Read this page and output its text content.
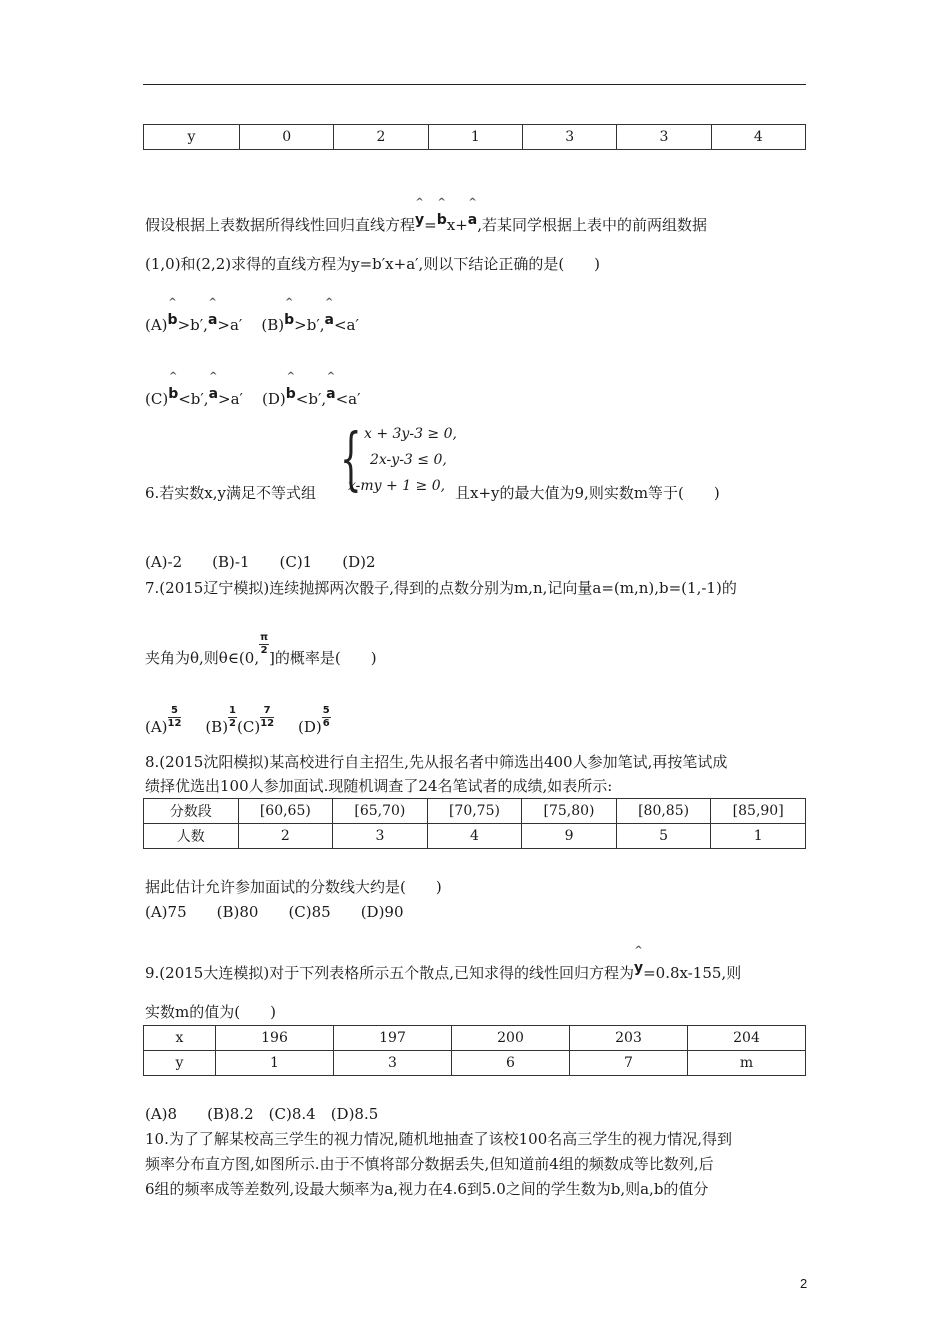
y	0	2	1	3	3	4
假设根据上表数据所得线性回归直线方程^ y=^ bx+^ a,若某同学根据上表中的前两组数据
(1,0)和(2,2)求得的直线方程为y=b′x+a′,则以下结论正确的是(　　)
(A)^ b>b′,^ a>a′ (B)^ b>b′,^ a<a′
(C)^ b<b′,^ a>a′ (D)^ b<b′,^ a<a′
{ x + 3y-3 ≥ 0,
2x-y-3 ≤ 0,
x-my + 1 ≥ 0,
6.若实数x,y满足不等式组	且x+y的最大值为9,则实数m等于(　　)
(A)-2　　(B)-1　　(C)1　　(D)2
7.(2015辽宁模拟)连续抛掷两次骰子,得到的点数分别为m,n,记向量a=(m,n),b=(1,-1)的
夹角为θ,则θ∈(0,
$\frac{\pi}{2}$
]的概率是(　　)
$(A) \frac{5}{12} (B) \frac{1}{2} (C) \frac{7}{12} (D) \frac{5}{6}$
8.(2015沈阳模拟)某高校进行自主招生,先从报名者中筛选出400人参加笔试,再按笔试成
绩择优选出100人参加面试.现随机调查了24名笔试者的成绩,如表所示:
分数段	[60,65)	[65,70)	[70,75)	[75,80)	[80,85)	[85,90]
人数	2	3	4	9	5	1
据此估计允许参加面试的分数线大约是(　　)
(A)75　　(B)80　　(C)85　　(D)90
9.(2015大连模拟)对于下列表格所示五个散点,已知求得的线性回归方程为^ y=0.8x-155,则
实数m的值为(　　)
x	196	197	200	203	204
y	1	3	6	7	m
(A)8　　(B)8.2　(C)8.4　(D)8.5
10.为了了解某校高三学生的视力情况,随机地抽查了该校100名高三学生的视力情况,得到
频率分布直方图,如图所示.由于不慎将部分数据丢失,但知道前4组的频数成等比数列,后
6组的频率成等差数列,设最大频率为a,视力在4.6到5.0之间的学生数为b,则a,b的值分
2
